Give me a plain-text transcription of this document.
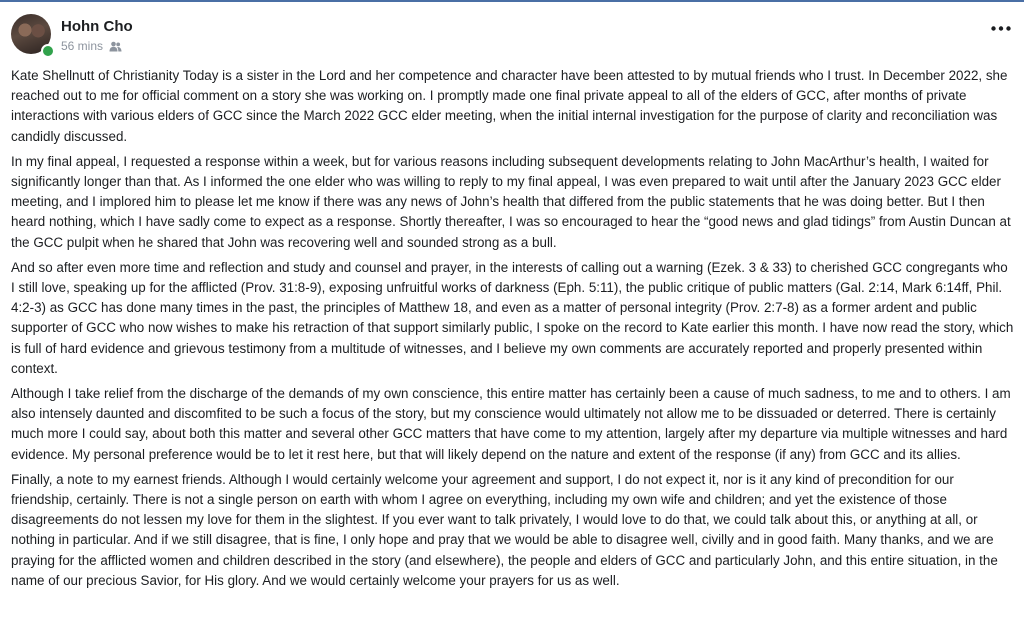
Hohn Cho
56 mins

Kate Shellnutt of Christianity Today is a sister in the Lord and her competence and character have been attested to by mutual friends who I trust. In December 2022, she reached out to me for official comment on a story she was working on. I promptly made one final private appeal to all of the elders of GCC, after months of private interactions with various elders of GCC since the March 2022 GCC elder meeting, when the initial internal investigation for the purpose of clarity and reconciliation was candidly discussed.

In my final appeal, I requested a response within a week, but for various reasons including subsequent developments relating to John MacArthur’s health, I waited for significantly longer than that. As I informed the one elder who was willing to reply to my final appeal, I was even prepared to wait until after the January 2023 GCC elder meeting, and I implored him to please let me know if there was any news of John’s health that differed from the public statements that he was doing better. But I then heard nothing, which I have sadly come to expect as a response. Shortly thereafter, I was so encouraged to hear the “good news and glad tidings” from Austin Duncan at the GCC pulpit when he shared that John was recovering well and sounded strong as a bull.

And so after even more time and reflection and study and counsel and prayer, in the interests of calling out a warning (Ezek. 3 & 33) to cherished GCC congregants who I still love, speaking up for the afflicted (Prov. 31:8-9), exposing unfruitful works of darkness (Eph. 5:11), the public critique of public matters (Gal. 2:14, Mark 6:14ff, Phil. 4:2-3) as GCC has done many times in the past, the principles of Matthew 18, and even as a matter of personal integrity (Prov. 2:7-8) as a former ardent and public supporter of GCC who now wishes to make his retraction of that support similarly public, I spoke on the record to Kate earlier this month. I have now read the story, which is full of hard evidence and grievous testimony from a multitude of witnesses, and I believe my own comments are accurately reported and properly presented within context.

Although I take relief from the discharge of the demands of my own conscience, this entire matter has certainly been a cause of much sadness, to me and to others. I am also intensely daunted and discomfited to be such a focus of the story, but my conscience would ultimately not allow me to be dissuaded or deterred. There is certainly much more I could say, about both this matter and several other GCC matters that have come to my attention, largely after my departure via multiple witnesses and hard evidence. My personal preference would be to let it rest here, but that will likely depend on the nature and extent of the response (if any) from GCC and its allies.

Finally, a note to my earnest friends. Although I would certainly welcome your agreement and support, I do not expect it, nor is it any kind of precondition for our friendship, certainly. There is not a single person on earth with whom I agree on everything, including my own wife and children; and yet the existence of those disagreements do not lessen my love for them in the slightest. If you ever want to talk privately, I would love to do that, we could talk about this, or anything at all, or nothing in particular. And if we still disagree, that is fine, I only hope and pray that we would be able to disagree well, civilly and in good faith. Many thanks, and we are praying for the afflicted women and children described in the story (and elsewhere), the people and elders of GCC and particularly John, and this entire situation, in the name of our precious Savior, for His glory. And we would certainly welcome your prayers for us as well.
